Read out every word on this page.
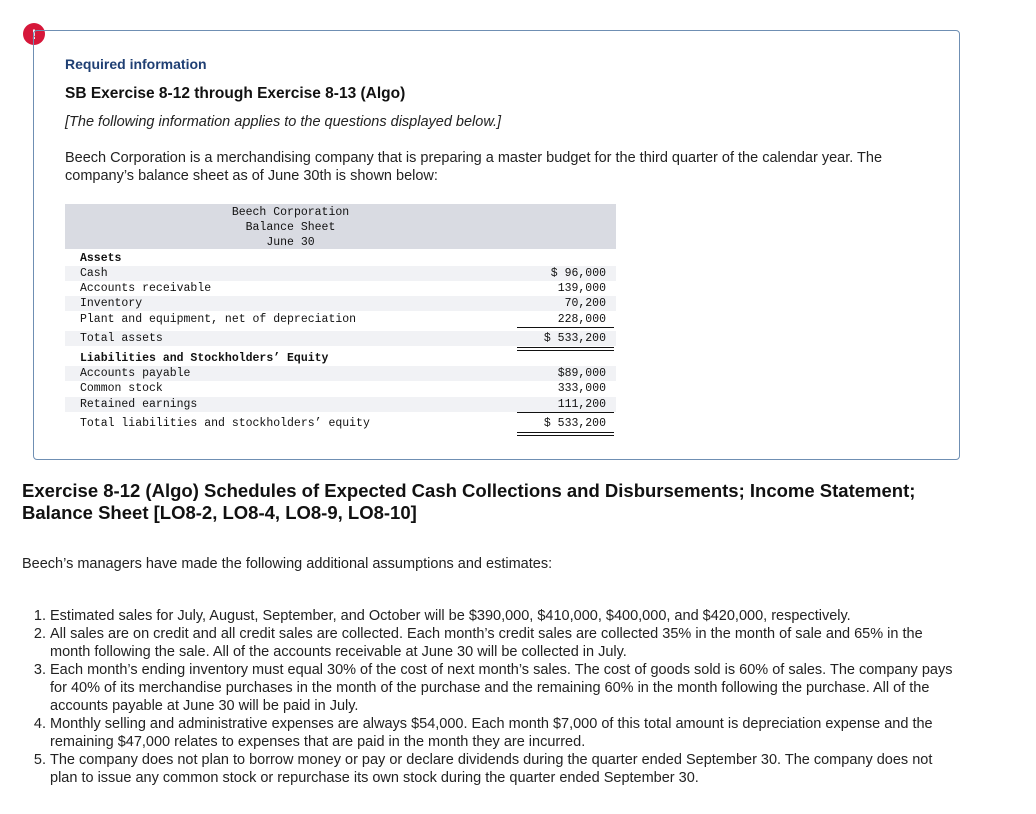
!
Required information
SB Exercise 8-12 through Exercise 8-13 (Algo)
[The following information applies to the questions displayed below.]
Beech Corporation is a merchandising company that is preparing a master budget for the third quarter of the calendar year. The company’s balance sheet as of June 30th is shown below:
Beech Corporation
Balance Sheet
June 30
Assets
Cash	$ 96,000
Accounts receivable	139,000
Inventory	70,200
Plant and equipment, net of depreciation	228,000
Total assets	$ 533,200
Liabilities and Stockholders’ Equity
Accounts payable	$89,000
Common stock	333,000
Retained earnings	111,200
Total liabilities and stockholders’ equity	$ 533,200
Exercise 8-12 (Algo) Schedules of Expected Cash Collections and Disbursements; Income Statement; Balance Sheet [LO8-2, LO8-4, LO8-9, LO8-10]
Beech’s managers have made the following additional assumptions and estimates:
1. Estimated sales for July, August, September, and October will be $390,000, $410,000, $400,000, and $420,000, respectively.
2. All sales are on credit and all credit sales are collected. Each month’s credit sales are collected 35% in the month of sale and 65% in the month following the sale. All of the accounts receivable at June 30 will be collected in July.
3. Each month’s ending inventory must equal 30% of the cost of next month’s sales. The cost of goods sold is 60% of sales. The company pays for 40% of its merchandise purchases in the month of the purchase and the remaining 60% in the month following the purchase. All of the accounts payable at June 30 will be paid in July.
4. Monthly selling and administrative expenses are always $54,000. Each month $7,000 of this total amount is depreciation expense and the remaining $47,000 relates to expenses that are paid in the month they are incurred.
5. The company does not plan to borrow money or pay or declare dividends during the quarter ended September 30. The company does not plan to issue any common stock or repurchase its own stock during the quarter ended September 30.
